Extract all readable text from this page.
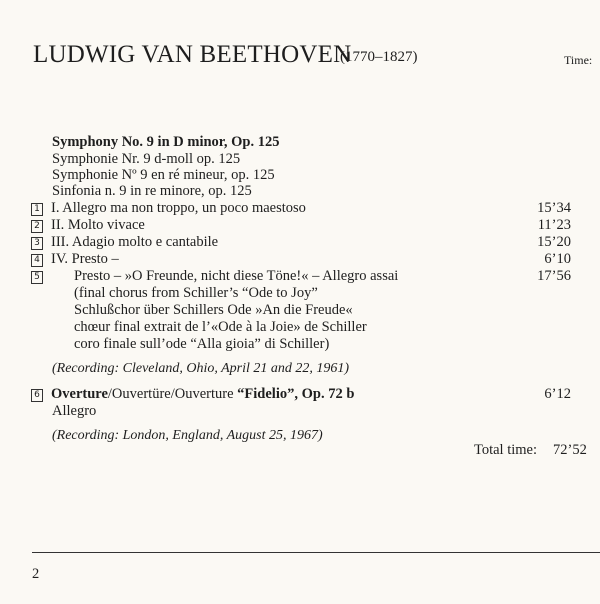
LUDWIG VAN BEETHOVEN
(1770–1827)	Time:
Symphony No. 9 in D minor, Op. 125
Symphonie Nr. 9 d-moll op. 125
Symphonie Nº 9 en ré mineur, op. 125
Sinfonia n. 9 in re minore, op. 125
1 I. Allegro ma non troppo, un poco maestoso	15’34
2 II. Molto vivace	11’23
3 III. Adagio molto e cantabile	15’20
4 IV. Presto –	6’10
5 Presto – »O Freunde, nicht diese Töne!« – Allegro assai	17’56
(final chorus from Schiller’s “Ode to Joy”
Schlußchor über Schillers Ode »An die Freude«
chœur final extrait de l’«Ode à la Joie» de Schiller
coro finale sull’ode “Alla gioia” di Schiller)
(Recording: Cleveland, Ohio, April 21 and 22, 1961)
6 Overture/Ouvertüre/Ouverture “Fidelio”, Op. 72 b	6’12
Allegro
(Recording: London, England, August 25, 1967)
Total time: 72’52
2
